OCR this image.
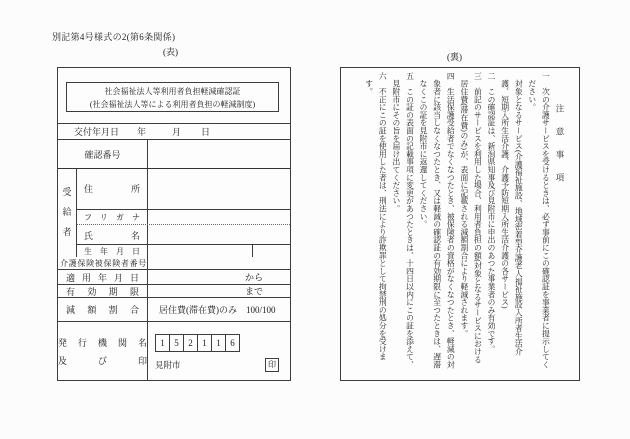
別記第4号様式の2(第6条関係)
(表)	(裏)
社会福祉法人等利用者負担軽減確認証
(社会福祉法人等による利用者負担の軽減制度)
交付年月日 年	月 日
確認番号
受給者	住所
フリガナ
氏名
生年月日
介護保険被保険者番号
適用年月日	から
有効期限	まで
減額割合	居住費(滞在費)のみ　100/100
発行機関名
及び印
1	5	2	1	1	6
見附市	印
注　意　事　項
一　次の介護サービスを受けるときは、必ず事前にこの確認証を事業者に提示してく
　ださい。
　対象となるサービス(介護福祉施設、地域密着型介護老人福祉施設入所者生活介
　護、短期入所生活介護、介護予防短期入所生活介護の各サービス)
二　この確認証は、新潟県知事及び見附市に申出のあつた事業者のみ有効です。
三　前記のサービスを利用した場合、利用者負担の額(対象となるサービスにおける
　居住費(滞在費)のみ)が、表面に記載される減額割合により軽減されます。
四　生活保護受給者でなくなつたとき、被保険者の資格がなくなつたとき、軽減の対
　象者に該当しなくなつたとき、又は軽減の確認証の有効期限に至つたときは、遅滞
　なくこの証を見附市に返還してください。
五　この証の表面の記載事項に変更があつたときは、十四日以内にこの証を添えて、
　見附市にその旨を届け出てください。
六　不正にこの証を使用した者は、刑法により詐欺罪として拘禁刑の処分を受けま
　す。
